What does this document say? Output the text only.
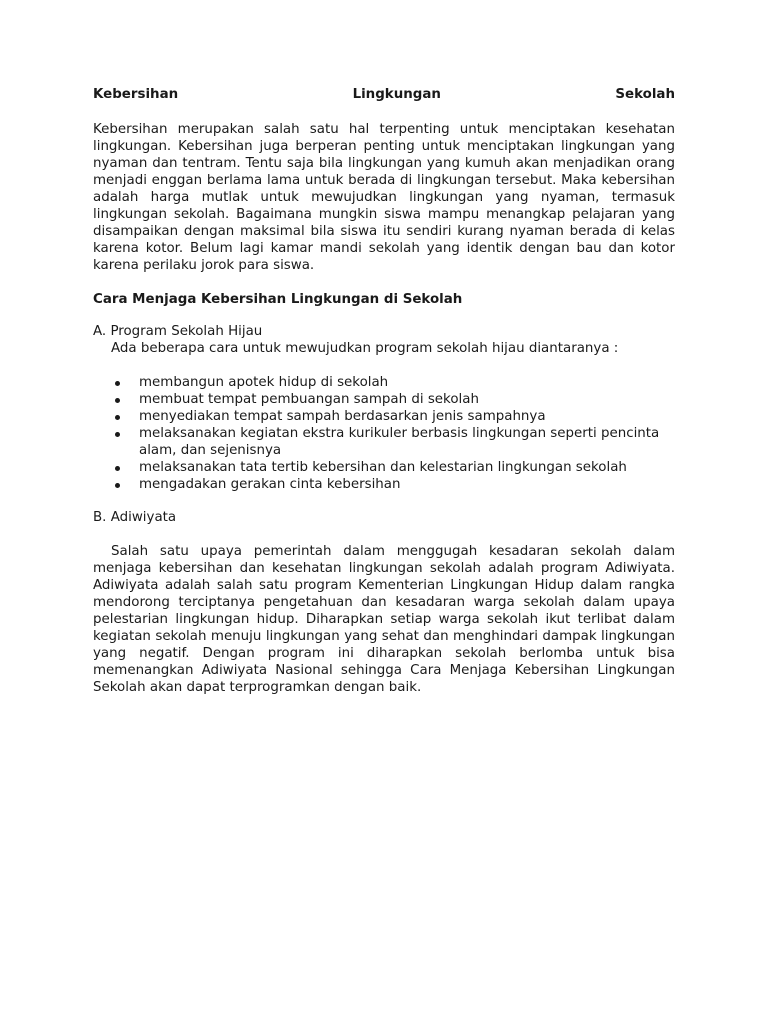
Kebersihan	Lingkungan	Sekolah

Kebersihan merupakan salah satu hal terpenting untuk menciptakan kesehatan lingkungan. Kebersihan juga berperan penting untuk menciptakan lingkungan yang nyaman dan tentram. Tentu saja bila lingkungan yang kumuh akan menjadikan orang menjadi enggan berlama lama untuk berada di lingkungan tersebut. Maka kebersihan adalah harga mutlak untuk mewujudkan lingkungan yang nyaman, termasuk lingkungan sekolah. Bagaimana mungkin siswa mampu menangkap pelajaran yang disampaikan dengan maksimal bila siswa itu sendiri kurang nyaman berada di kelas karena kotor. Belum lagi kamar mandi sekolah yang identik dengan bau dan kotor karena perilaku jorok para siswa.

Cara Menjaga Kebersihan Lingkungan di Sekolah

A. Program Sekolah Hijau

Ada beberapa cara untuk mewujudkan program sekolah hijau diantaranya :

membangun apotek hidup di sekolah
membuat tempat pembuangan sampah di sekolah
menyediakan tempat sampah berdasarkan jenis sampahnya
melaksanakan kegiatan ekstra kurikuler berbasis lingkungan seperti pencinta alam, dan sejenisnya
melaksanakan tata tertib kebersihan dan kelestarian lingkungan sekolah
mengadakan gerakan cinta kebersihan

B. Adiwiyata

Salah satu upaya pemerintah dalam menggugah kesadaran sekolah dalam menjaga kebersihan dan kesehatan lingkungan sekolah adalah program Adiwiyata. Adiwiyata adalah salah satu program Kementerian Lingkungan Hidup dalam rangka mendorong terciptanya pengetahuan dan kesadaran warga sekolah dalam upaya pelestarian lingkungan hidup. Diharapkan setiap warga sekolah ikut terlibat dalam kegiatan sekolah menuju lingkungan yang sehat dan menghindari dampak lingkungan yang negatif. Dengan program ini diharapkan sekolah berlomba untuk bisa memenangkan Adiwiyata Nasional sehingga Cara Menjaga Kebersihan Lingkungan Sekolah akan dapat terprogramkan dengan baik.
